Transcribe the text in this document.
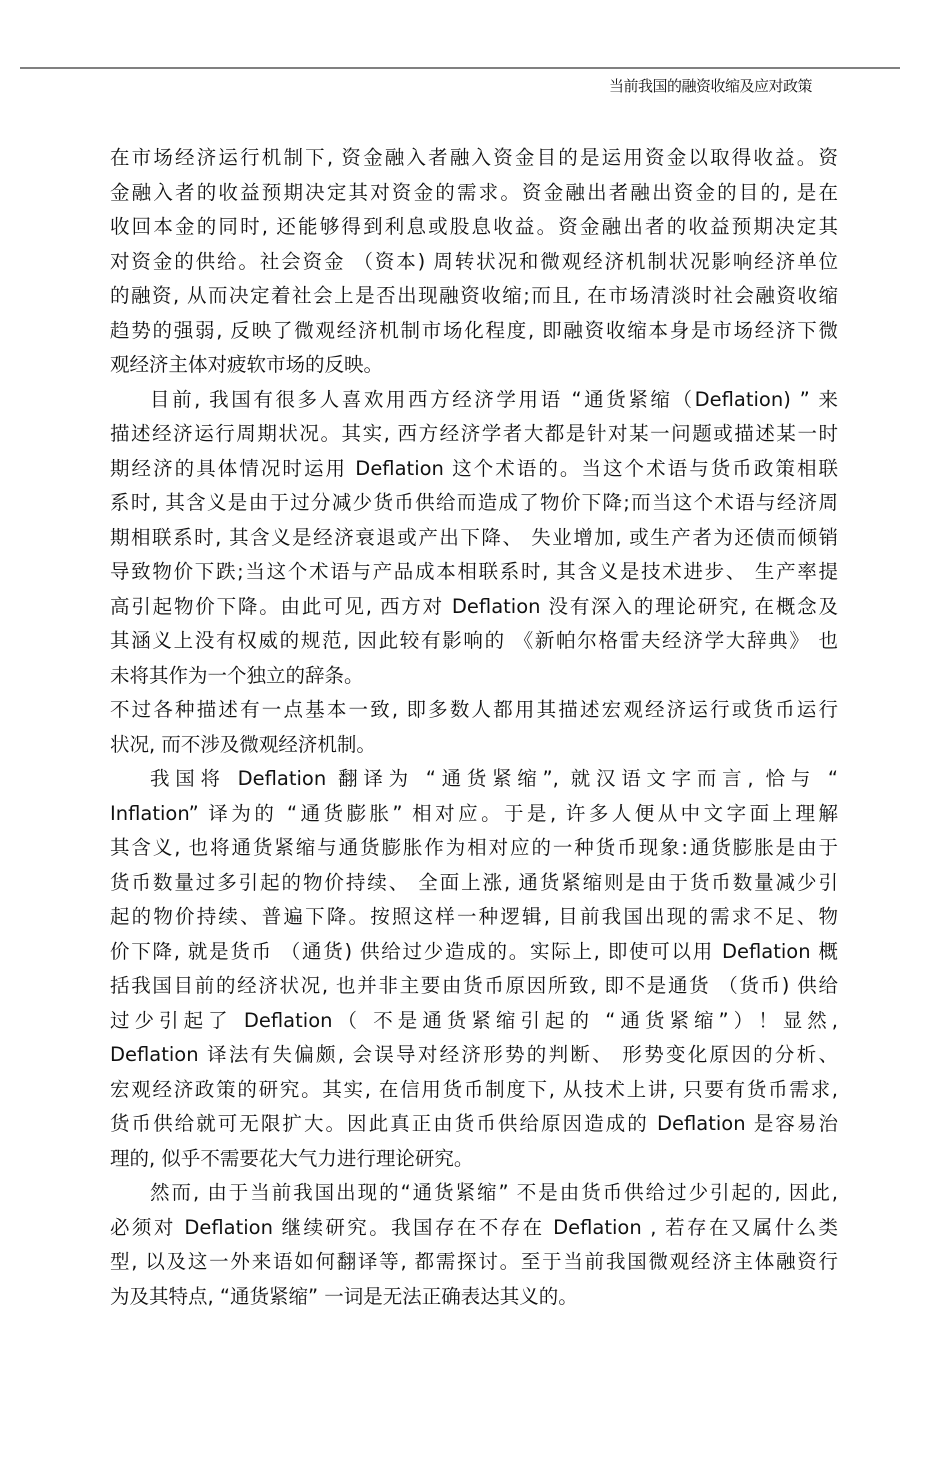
当前我国的融资收缩及应对政策
在市场经济运行机制下, 资金融入者融入资金目的是运用资金以取得收益。资
金融入者的收益预期决定其对资金的需求。资金融出者融出资金的目的, 是在
收回本金的同时, 还能够得到利息或股息收益。资金融出者的收益预期决定其
对资金的供给。社会资金 （资本) 周转状况和微观经济机制状况影响经济单位
的融资, 从而决定着社会上是否出现融资收缩;而且, 在市场清淡时社会融资收缩
趋势的强弱, 反映了微观经济机制市场化程度, 即融资收缩本身是市场经济下微
观经济主体对疲软市场的反映。
目前, 我国有很多人喜欢用西方经济学用语 “通货紧缩（Deflation) ” 来
描述经济运行周期状况。其实, 西方经济学者大都是针对某一问题或描述某一时
期经济的具体情况时运用 Deflation 这个术语的。当这个术语与货币政策相联
系时, 其含义是由于过分减少货币供给而造成了物价下降;而当这个术语与经济周
期相联系时, 其含义是经济衰退或产出下降、 失业增加, 或生产者为还债而倾销
导致物价下跌;当这个术语与产品成本相联系时, 其含义是技术进步、 生产率提
高引起物价下降。由此可见, 西方对 Deflation 没有深入的理论研究, 在概念及
其涵义上没有权威的规范, 因此较有影响的 《新帕尔格雷夫经济学大辞典》 也
未将其作为一个独立的辞条。
不过各种描述有一点基本一致, 即多数人都用其描述宏观经济运行或货币运行
状况, 而不涉及微观经济机制。
我国将 Deflation 翻译为 “通货紧缩”, 就汉语文字而言, 恰与 “
Inflation” 译为的 “通货膨胀” 相对应。于是, 许多人便从中文字面上理解
其含义, 也将通货紧缩与通货膨胀作为相对应的一种货币现象:通货膨胀是由于
货币数量过多引起的物价持续、 全面上涨, 通货紧缩则是由于货币数量减少引
起的物价持续、普遍下降。按照这样一种逻辑, 目前我国出现的需求不足、物
价下降, 就是货币 （通货) 供给过少造成的。实际上, 即使可以用 Deflation 概
括我国目前的经济状况, 也并非主要由货币原因所致, 即不是通货 （货币) 供给
过少引起了 Deflation（ 不是通货紧缩引起的 “通货紧缩”）！显然,
Deflation 译法有失偏颇, 会误导对经济形势的判断、 形势变化原因的分析、
宏观经济政策的研究。其实, 在信用货币制度下, 从技术上讲, 只要有货币需求,
货币供给就可无限扩大。因此真正由货币供给原因造成的 Deflation 是容易治
理的, 似乎不需要花大气力进行理论研究。
然而, 由于当前我国出现的“通货紧缩” 不是由货币供给过少引起的, 因此,
必须对 Deflation 继续研究。我国存在不存在 Deflation , 若存在又属什么类
型, 以及这一外来语如何翻译等, 都需探讨。至于当前我国微观经济主体融资行
为及其特点, “通货紧缩” 一词是无法正确表达其义的。
